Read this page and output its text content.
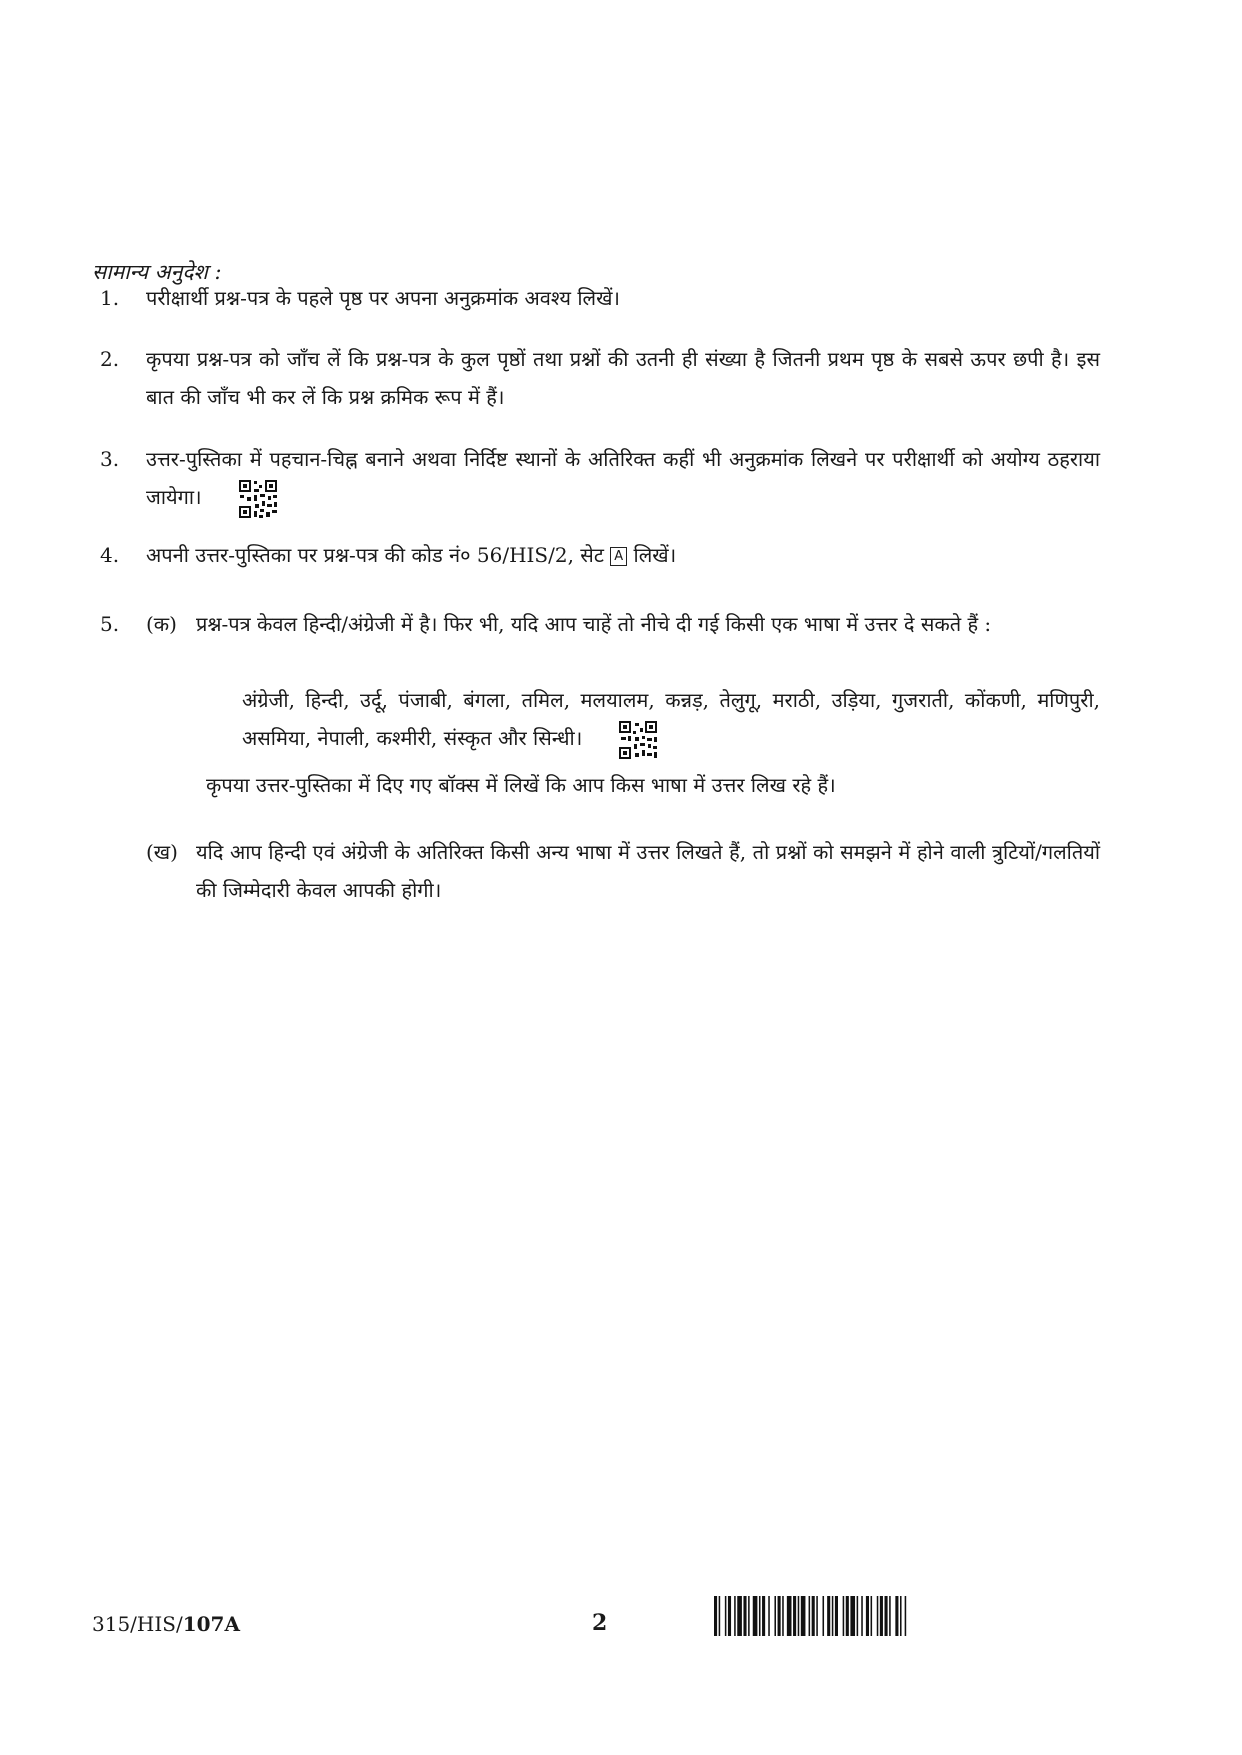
सामान्य अनुदेश :
1.	परीक्षार्थी प्रश्न-पत्र के पहले पृष्ठ पर अपना अनुक्रमांक अवश्य लिखें।
2.	कृपया प्रश्न-पत्र को जाँच लें कि प्रश्न-पत्र के कुल पृष्ठों तथा प्रश्नों की उतनी ही संख्या है जितनी प्रथम पृष्ठ के सबसे ऊपर छपी है। इस बात की जाँच भी कर लें कि प्रश्न क्रमिक रूप में हैं।
3.	उत्तर-पुस्तिका में पहचान-चिह्न बनाने अथवा निर्दिष्ट स्थानों के अतिरिक्त कहीं भी अनुक्रमांक लिखने पर परीक्षार्थी को अयोग्य ठहराया जायेगा।
4.	अपनी उत्तर-पुस्तिका पर प्रश्न-पत्र की कोड नं० 56/HIS/2, सेट A लिखें।
5.	(क) प्रश्न-पत्र केवल हिन्दी/अंग्रेजी में है। फिर भी, यदि आप चाहें तो नीचे दी गई किसी एक भाषा में उत्तर दे सकते हैं :
अंग्रेजी, हिन्दी, उर्दू, पंजाबी, बंगला, तमिल, मलयालम, कन्नड़, तेलुगू, मराठी, उड़िया, गुजराती, कोंकणी, मणिपुरी, असमिया, नेपाली, कश्मीरी, संस्कृत और सिन्धी।
कृपया उत्तर-पुस्तिका में दिए गए बॉक्स में लिखें कि आप किस भाषा में उत्तर लिख रहे हैं।
(ख) यदि आप हिन्दी एवं अंग्रेजी के अतिरिक्त किसी अन्य भाषा में उत्तर लिखते हैं, तो प्रश्नों को समझने में होने वाली त्रुटियों/गलतियों की जिम्मेदारी केवल आपकी होगी।
315/HIS/107A	2
